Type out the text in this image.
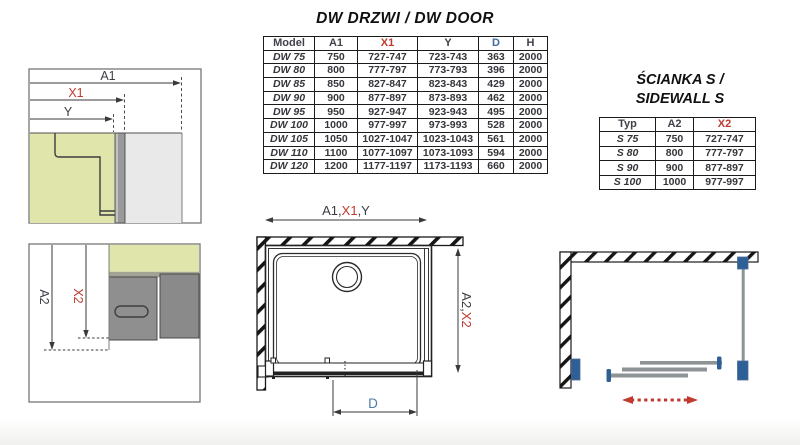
DW DRZWI / DW DOOR
ŚCIANKA S /
SIDEWALL S
Model	A1	X1	Y	D	H
DW 75	750	727-747	723-743	363	2000
DW 80	800	777-797	773-793	396	2000
DW 85	850	827-847	823-843	429	2000
DW 90	900	877-897	873-893	462	2000
DW 95	950	927-947	923-943	495	2000
DW 100	1000	977-997	973-993	528	2000
DW 105	1050	1027-1047	1023-1043	561	2000
DW 110	1100	1077-1097	1073-1093	594	2000
DW 120	1200	1177-1197	1173-1193	660	2000
Typ	A2	X2
S 75	750	727-747
S 80	800	777-797
S 90	900	877-897
S 100	1000	977-997
A1
X1
Y
A2 X2
A1,X1,Y
A2,X2
D
